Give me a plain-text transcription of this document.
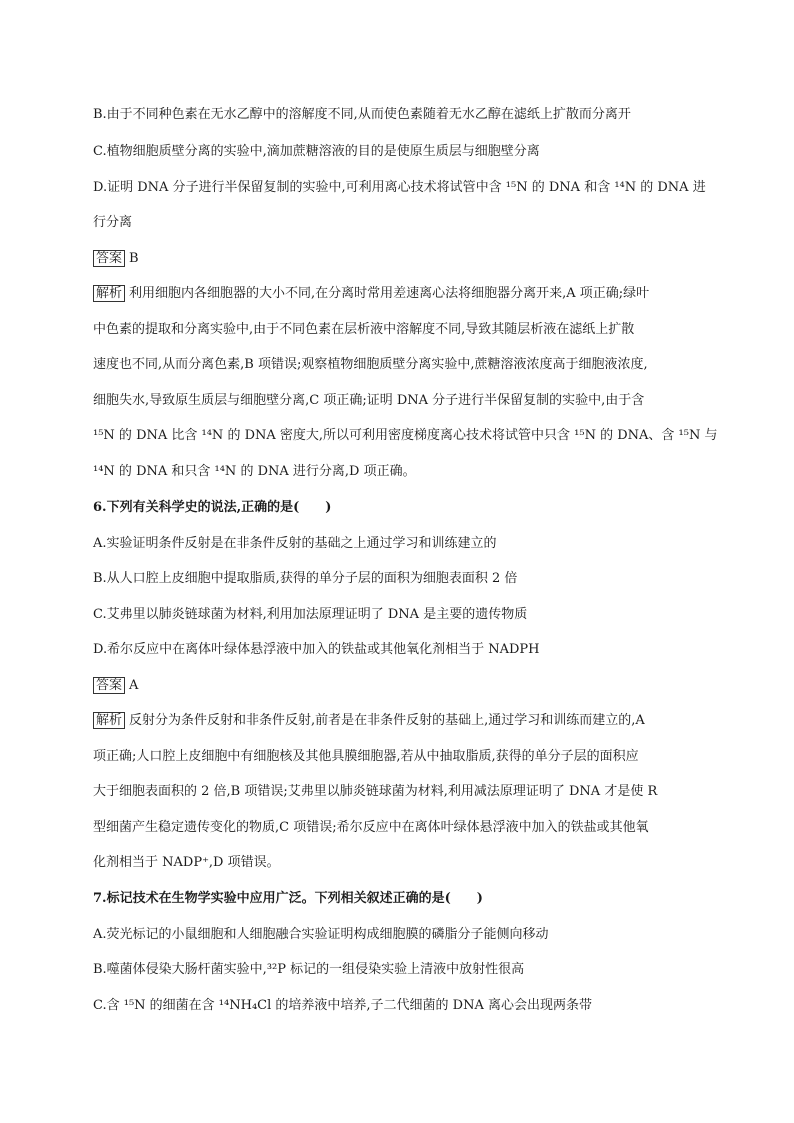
B.由于不同种色素在无水乙醇中的溶解度不同,从而使色素随着无水乙醇在滤纸上扩散而分离开

C.植物细胞质壁分离的实验中,滴加蔗糖溶液的目的是使原生质层与细胞壁分离

D.证明 DNA 分子进行半保留复制的实验中,可利用离心技术将试管中含 ¹⁵N 的 DNA 和含 ¹⁴N 的 DNA 进

行分离

答案 B

解析 利用细胞内各细胞器的大小不同,在分离时常用差速离心法将细胞器分离开来,A 项正确;绿叶

中色素的提取和分离实验中,由于不同色素在层析液中溶解度不同,导致其随层析液在滤纸上扩散

速度也不同,从而分离色素,B 项错误;观察植物细胞质壁分离实验中,蔗糖溶液浓度高于细胞液浓度,

细胞失水,导致原生质层与细胞壁分离,C 项正确;证明 DNA 分子进行半保留复制的实验中,由于含

¹⁵N 的 DNA 比含 ¹⁴N 的 DNA 密度大,所以可利用密度梯度离心技术将试管中只含 ¹⁵N 的 DNA、含 ¹⁵N 与

¹⁴N 的 DNA 和只含 ¹⁴N 的 DNA 进行分离,D 项正确。

6.下列有关科学史的说法,正确的是(　　)

A.实验证明条件反射是在非条件反射的基础之上通过学习和训练建立的

B.从人口腔上皮细胞中提取脂质,获得的单分子层的面积为细胞表面积 2 倍

C.艾弗里以肺炎链球菌为材料,利用加法原理证明了 DNA 是主要的遗传物质

D.希尔反应中在离体叶绿体悬浮液中加入的铁盐或其他氧化剂相当于 NADPH

答案 A

解析 反射分为条件反射和非条件反射,前者是在非条件反射的基础上,通过学习和训练而建立的,A

项正确;人口腔上皮细胞中有细胞核及其他具膜细胞器,若从中抽取脂质,获得的单分子层的面积应

大于细胞表面积的 2 倍,B 项错误;艾弗里以肺炎链球菌为材料,利用减法原理证明了 DNA 才是使 R

型细菌产生稳定遗传变化的物质,C 项错误;希尔反应中在离体叶绿体悬浮液中加入的铁盐或其他氧

化剂相当于 NADP⁺,D 项错误。

7.标记技术在生物学实验中应用广泛。下列相关叙述正确的是(　　)

A.荧光标记的小鼠细胞和人细胞融合实验证明构成细胞膜的磷脂分子能侧向移动

B.噬菌体侵染大肠杆菌实验中,³²P 标记的一组侵染实验上清液中放射性很高

C.含 ¹⁵N 的细菌在含 ¹⁴NH₄Cl 的培养液中培养,子二代细菌的 DNA 离心会出现两条带
